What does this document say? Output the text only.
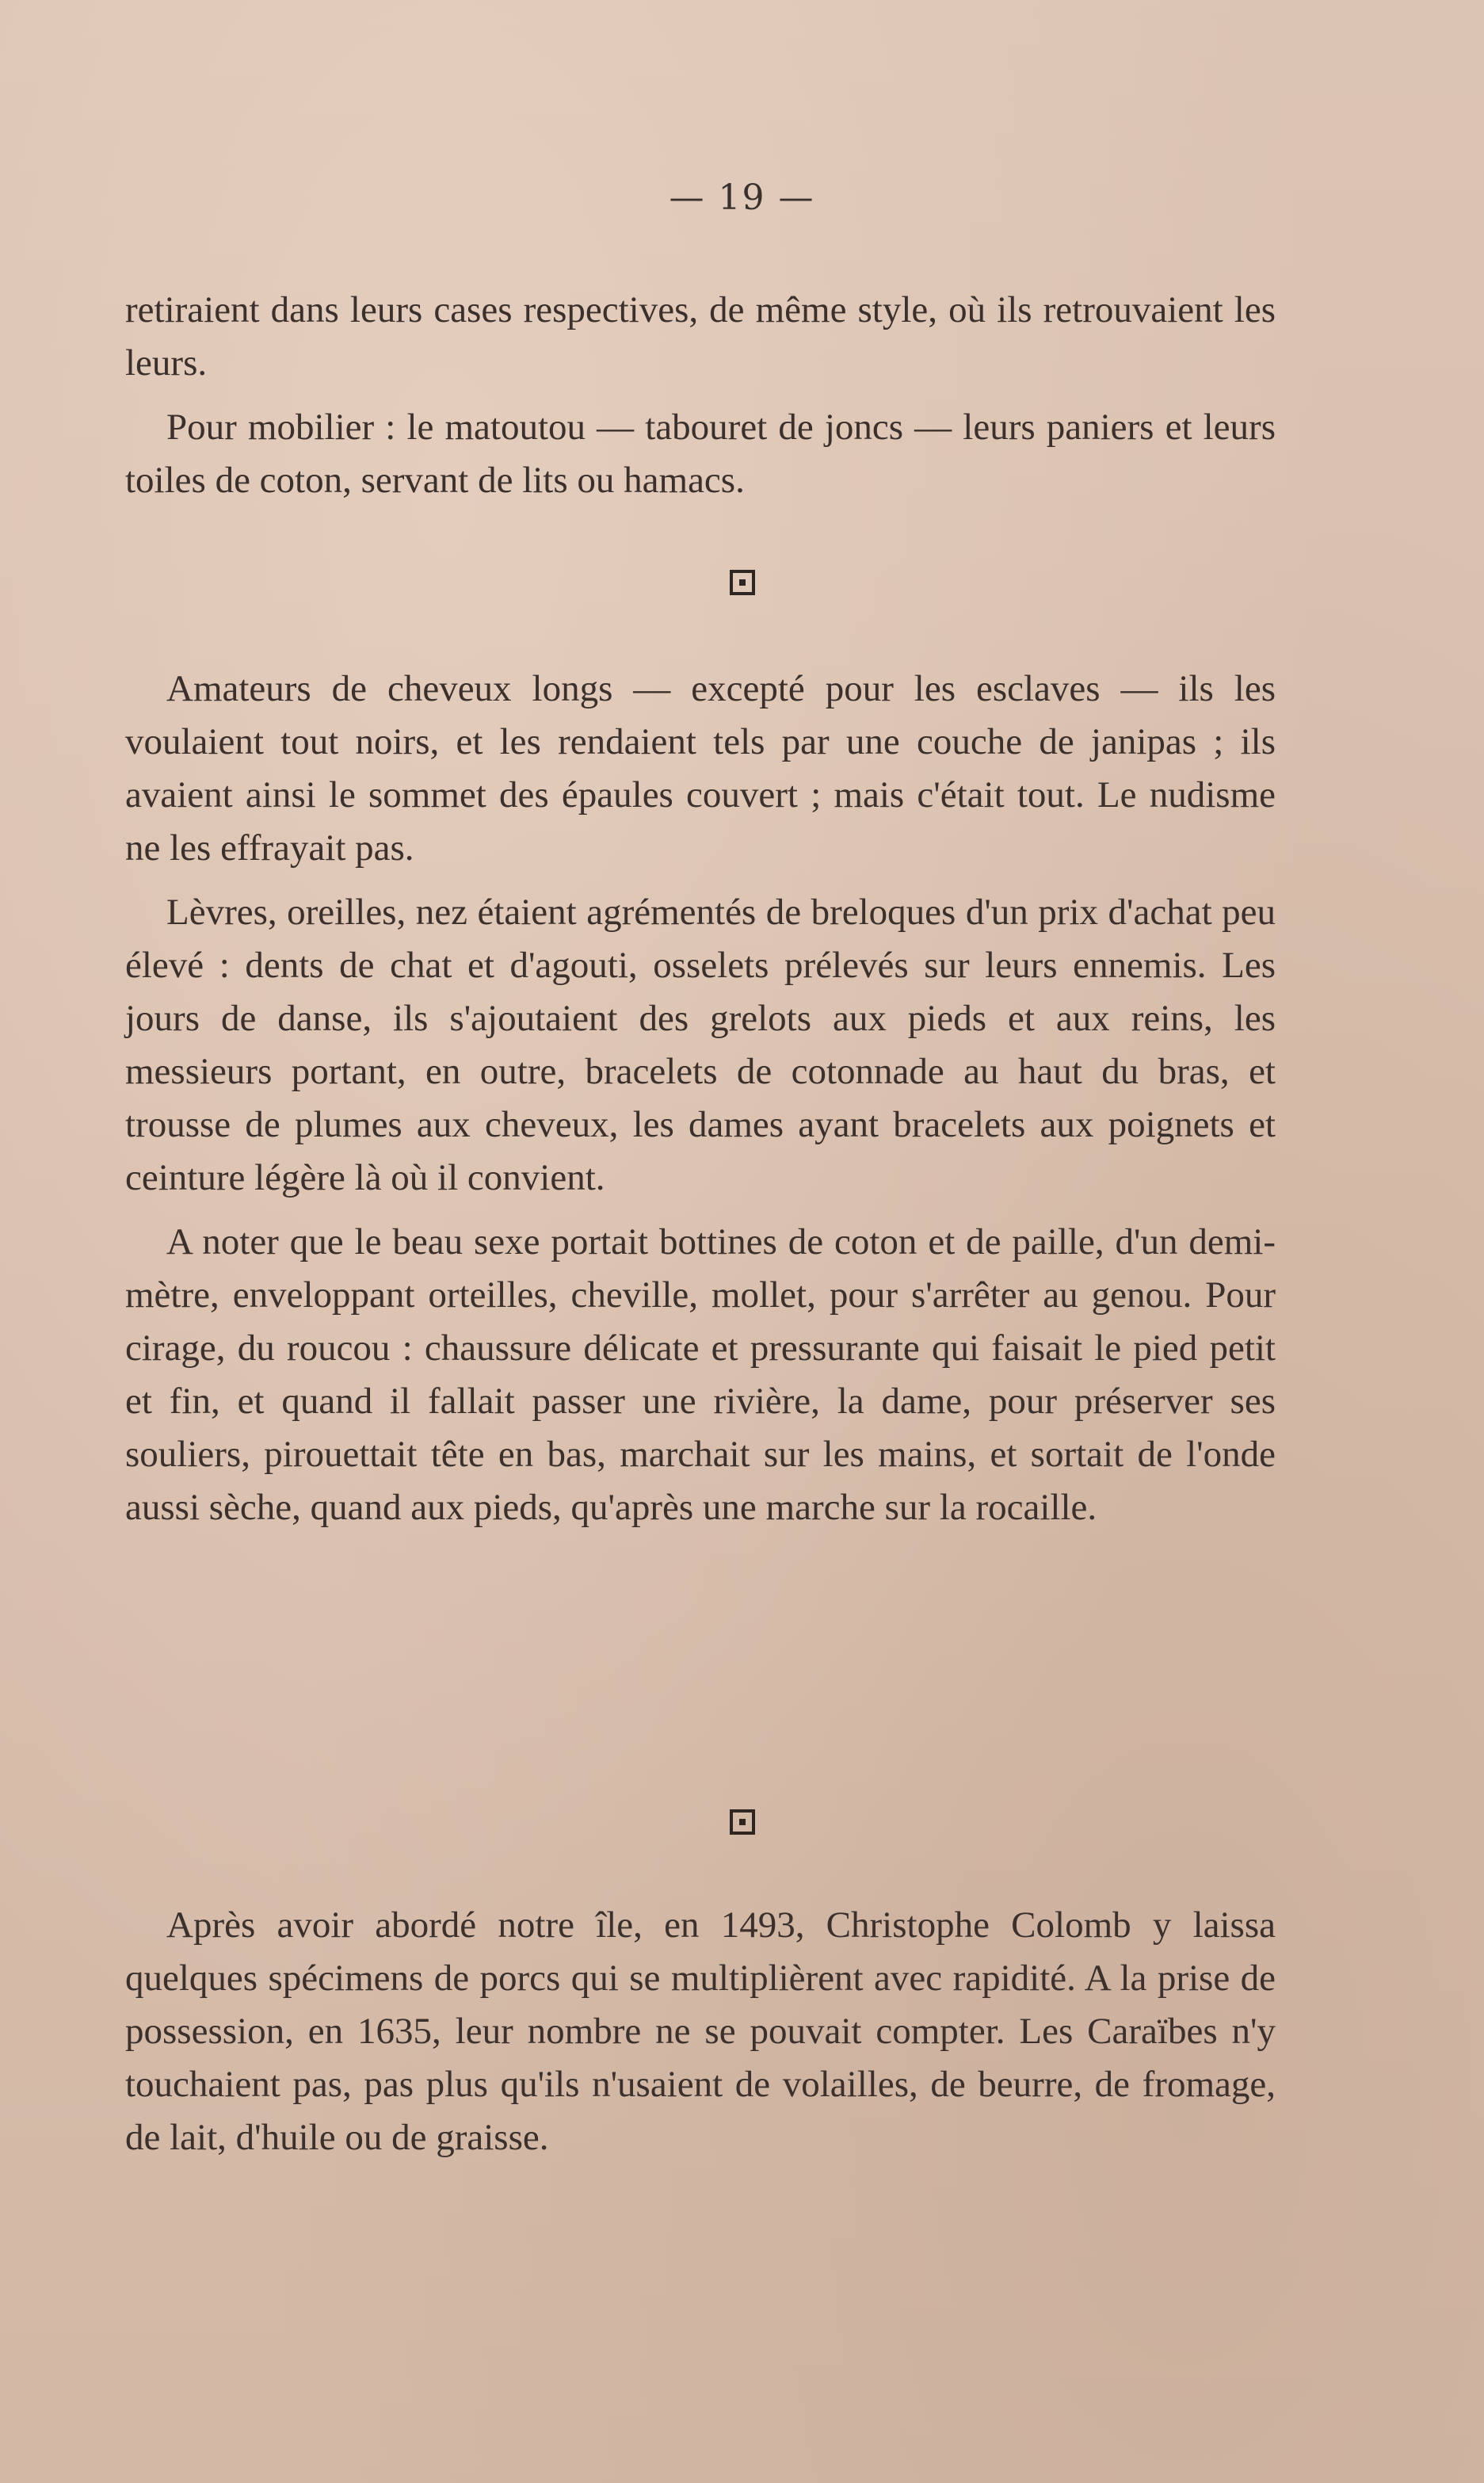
— 19 —

retiraient dans leurs cases respectives, de même style, où ils retrouvaient les leurs.

Pour mobilier : le matoutou — tabouret de joncs — leurs paniers et leurs toiles de coton, servant de lits ou hamacs.

Amateurs de cheveux longs — excepté pour les esclaves — ils les voulaient tout noirs, et les rendaient tels par une couche de janipas ; ils avaient ainsi le sommet des épaules couvert ; mais c'était tout. Le nudisme ne les effrayait pas.

Lèvres, oreilles, nez étaient agrémentés de breloques d'un prix d'achat peu élevé : dents de chat et d'agouti, osselets prélevés sur leurs ennemis. Les jours de danse, ils s'ajoutaient des grelots aux pieds et aux reins, les messieurs portant, en outre, bracelets de cotonnade au haut du bras, et trousse de plumes aux cheveux, les dames ayant bracelets aux poignets et ceinture légère là où il convient.

A noter que le beau sexe portait bottines de coton et de paille, d'un demi-mètre, enveloppant orteilles, cheville, mollet, pour s'arrêter au genou. Pour cirage, du roucou : chaussure délicate et pressurante qui faisait le pied petit et fin, et quand il fallait passer une rivière, la dame, pour préserver ses souliers, pirouettait tête en bas, marchait sur les mains, et sortait de l'onde aussi sèche, quand aux pieds, qu'après une marche sur la rocaille.

Après avoir abordé notre île, en 1493, Christophe Colomb y laissa quelques spécimens de porcs qui se multiplièrent avec rapidité. A la prise de possession, en 1635, leur nombre ne se pouvait compter. Les Caraïbes n'y touchaient pas, pas plus qu'ils n'usaient de volailles, de beurre, de fromage, de lait, d'huile ou de graisse.
